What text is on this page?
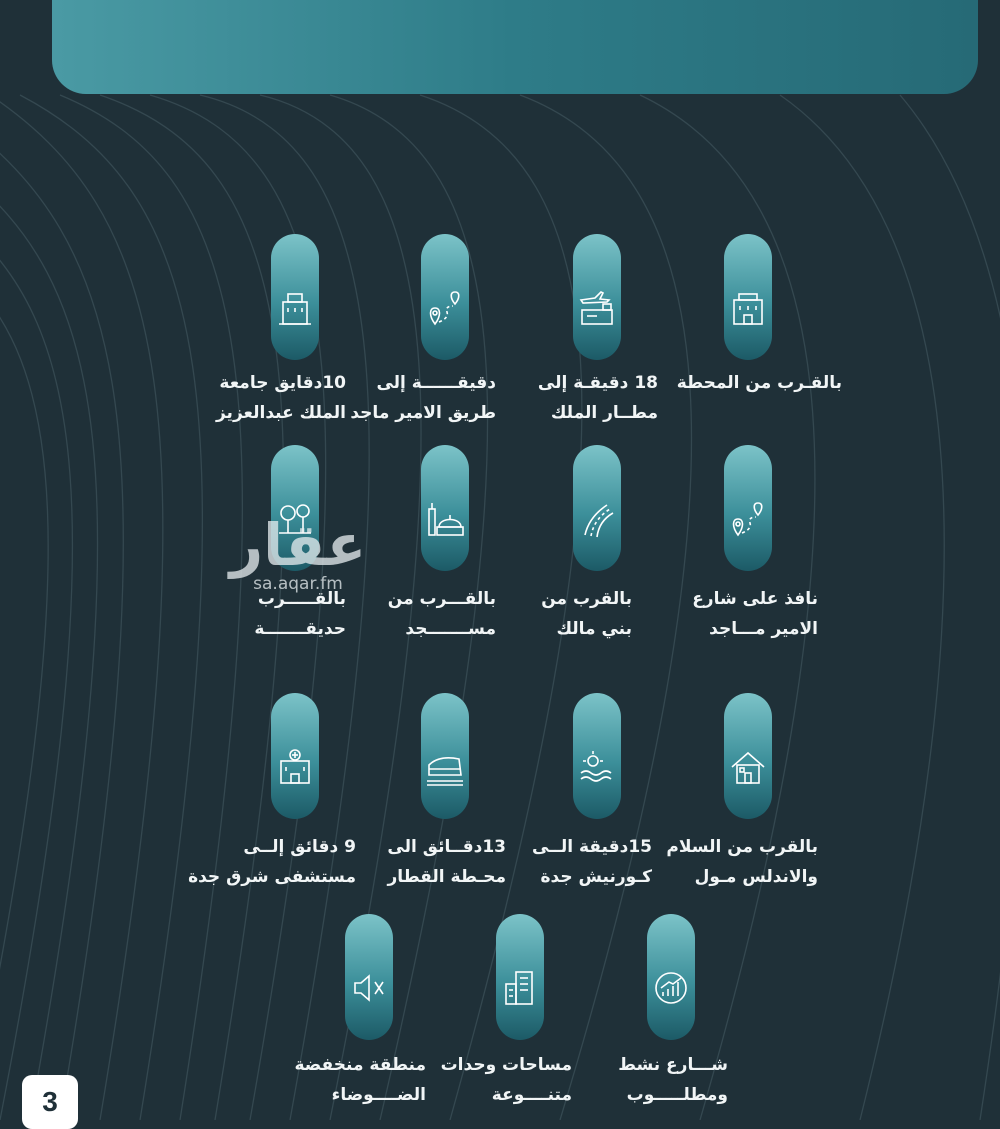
بالقـرب من المحطة
18 دقيقـة إلى
مطــار الملك
دقيقــــــة إلى
طريق الامير ماجد
10دقايق جامعة
الملك عبدالعزيز
نافذ على شارع
الامير مـــاجد
بالقرب من
بني مالك
بالقـــرب من
مســـــــجد
بالقـــــرب
حديقـــــــة
بالقرب من السلام
والاندلس مـول
15دقيقة الــى
كـورنيش جدة
13دقــائق الى
محـطة القطار
9 دقائق إلــى
مستشفى شرق جدة
شـــارع نشط
ومطلـــــوب
مساحات وحدات
متنــــوعة
منطقة منخفضة
الضــــوضاء
عقار
sa.aqar.fm
3
